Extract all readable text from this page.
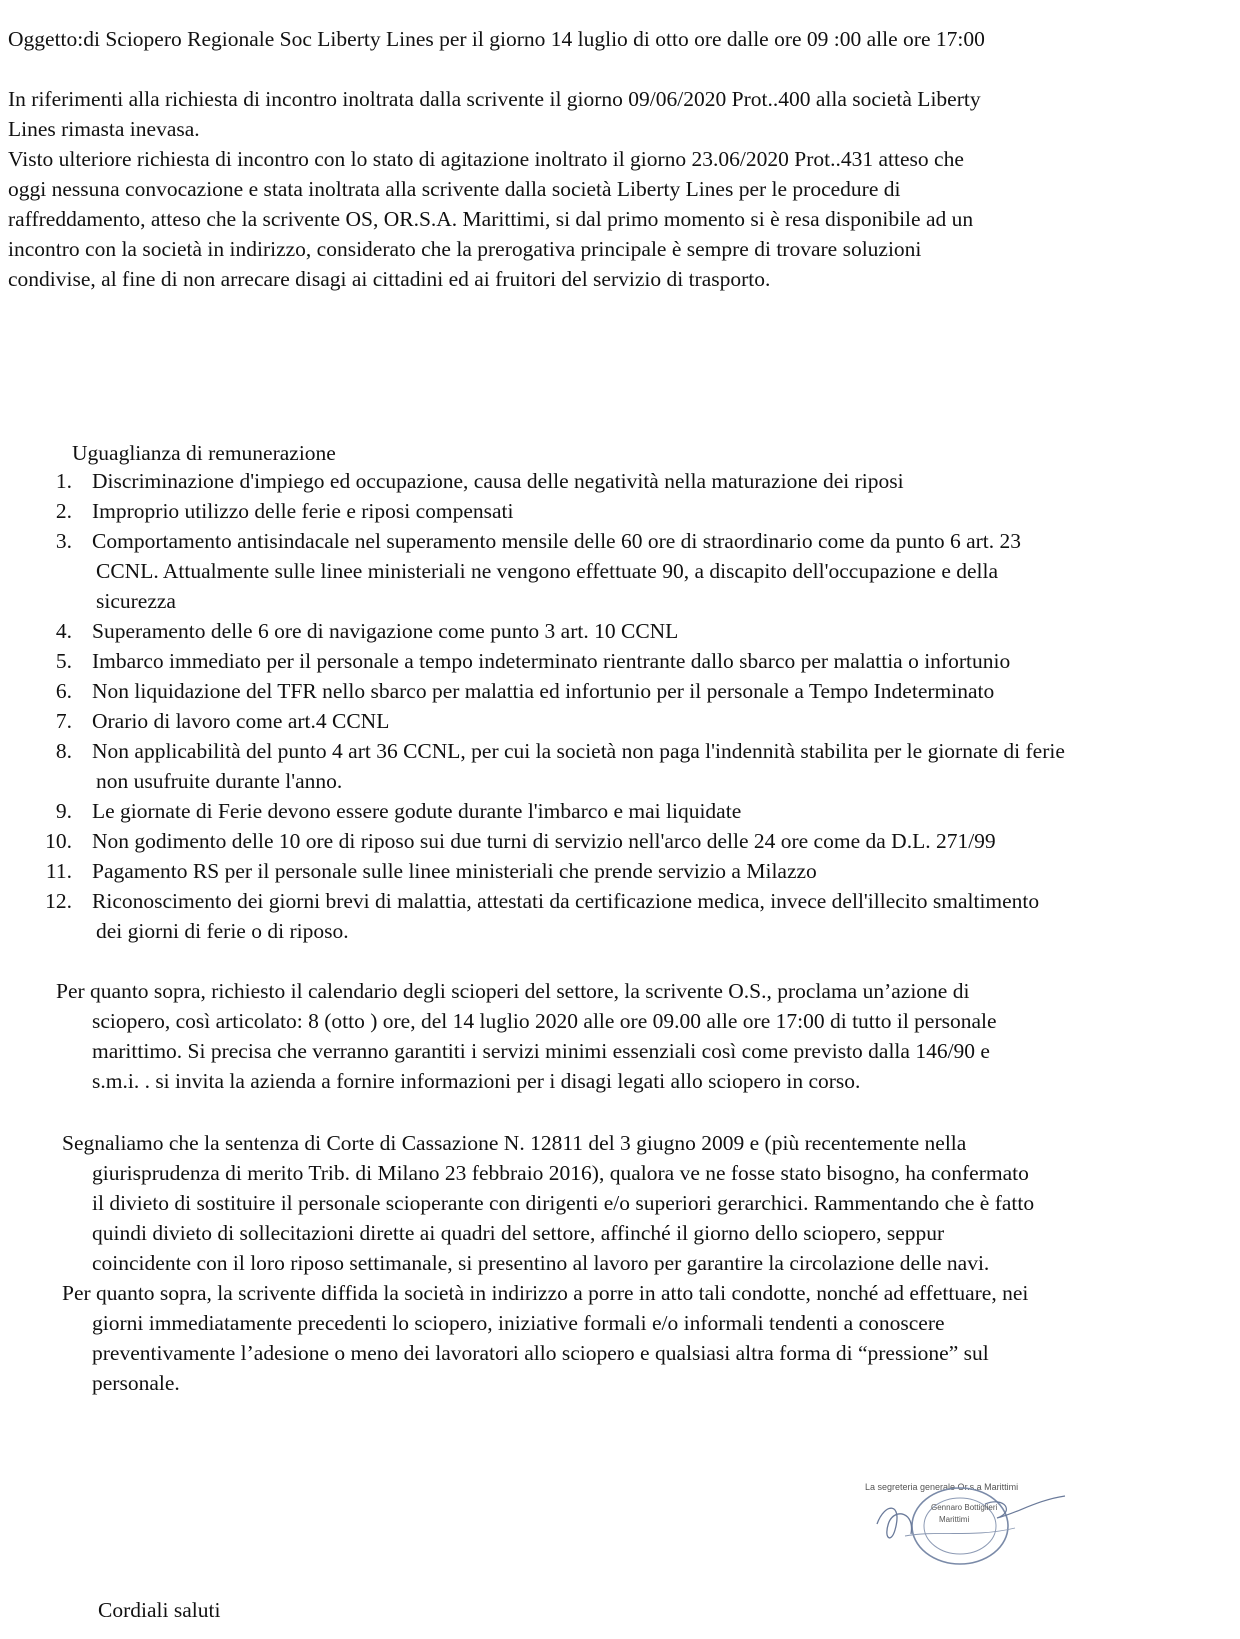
Oggetto:di Sciopero Regionale Soc Liberty Lines per il giorno 14 luglio di otto ore dalle ore 09 :00 alle ore 17:00
In riferimenti alla richiesta di incontro inoltrata dalla scrivente il giorno 09/06/2020 Prot..400 alla società Liberty
Lines rimasta inevasa.
Visto ulteriore richiesta di incontro con lo stato di agitazione inoltrato il giorno 23.06/2020 Prot..431 atteso che
oggi nessuna convocazione e stata inoltrata alla scrivente dalla società Liberty Lines per le procedure di
raffreddamento, atteso che la scrivente OS, OR.S.A. Marittimi, si dal primo momento si è resa disponibile ad un
incontro con la società in indirizzo, considerato che la prerogativa principale è sempre di trovare soluzioni
condivise, al fine di non arrecare disagi ai cittadini ed ai fruitori del servizio di trasporto.
Uguaglianza di remunerazione
1. Discriminazione d'impiego ed occupazione, causa delle negatività nella maturazione dei riposi
2. Improprio utilizzo delle ferie e riposi compensati
3. Comportamento antisindacale nel superamento mensile delle 60 ore di straordinario come da punto 6 art. 23
CCNL. Attualmente sulle linee ministeriali ne vengono effettuate 90, a discapito dell'occupazione e della
sicurezza
4. Superamento delle 6 ore di navigazione come punto 3 art. 10 CCNL
5. Imbarco immediato per il personale a tempo indeterminato rientrante dallo sbarco per malattia o infortunio
6. Non liquidazione del TFR nello sbarco per malattia ed infortunio per il personale a Tempo Indeterminato
7. Orario di lavoro come art.4 CCNL
8. Non applicabilità del punto 4 art 36 CCNL, per cui la società non paga l'indennità stabilita per le giornate di ferie
non usufruite durante l'anno.
9. Le giornate di Ferie devono essere godute durante l'imbarco e mai liquidate
10. Non godimento delle 10 ore di riposo sui due turni di servizio nell'arco delle 24 ore come da D.L. 271/99
11. Pagamento RS per il personale sulle linee ministeriali che prende servizio a Milazzo
12. Riconoscimento dei giorni brevi di malattia, attestati da certificazione medica, invece dell'illecito smaltimento
dei giorni di ferie o di riposo.
Per quanto sopra, richiesto il calendario degli scioperi del settore, la scrivente O.S., proclama un’azione di
sciopero, così articolato: 8 (otto ) ore, del 14 luglio 2020 alle ore 09.00 alle ore 17:00 di tutto il personale
marittimo. Si precisa che verranno garantiti i servizi minimi essenziali così come previsto dalla 146/90 e
s.m.i. . si invita la azienda a fornire informazioni per i disagi legati allo sciopero in corso.
Segnaliamo che la sentenza di Corte di Cassazione N. 12811 del 3 giugno 2009 e (più recentemente nella
giurisprudenza di merito Trib. di Milano 23 febbraio 2016), qualora ve ne fosse stato bisogno, ha confermato
il divieto di sostituire il personale scioperante con dirigenti e/o superiori gerarchici. Rammentando che è fatto
quindi divieto di sollecitazioni dirette ai quadri del settore, affinché il giorno dello sciopero, seppur
coincidente con il loro riposo settimanale, si presentino al lavoro per garantire la circolazione delle navi.
Per quanto sopra, la scrivente diffida la società in indirizzo a porre in atto tali condotte, nonché ad effettuare, nei
giorni immediatamente precedenti lo sciopero, iniziative formali e/o informali tendenti a conoscere
preventivamente l’adesione o meno dei lavoratori allo sciopero e qualsiasi altra forma di “pressione” sul
personale.
La segreteria generale Or.s.a Marittimi
Gennaro Bottiglieri
Marittimi
Cordiali saluti
